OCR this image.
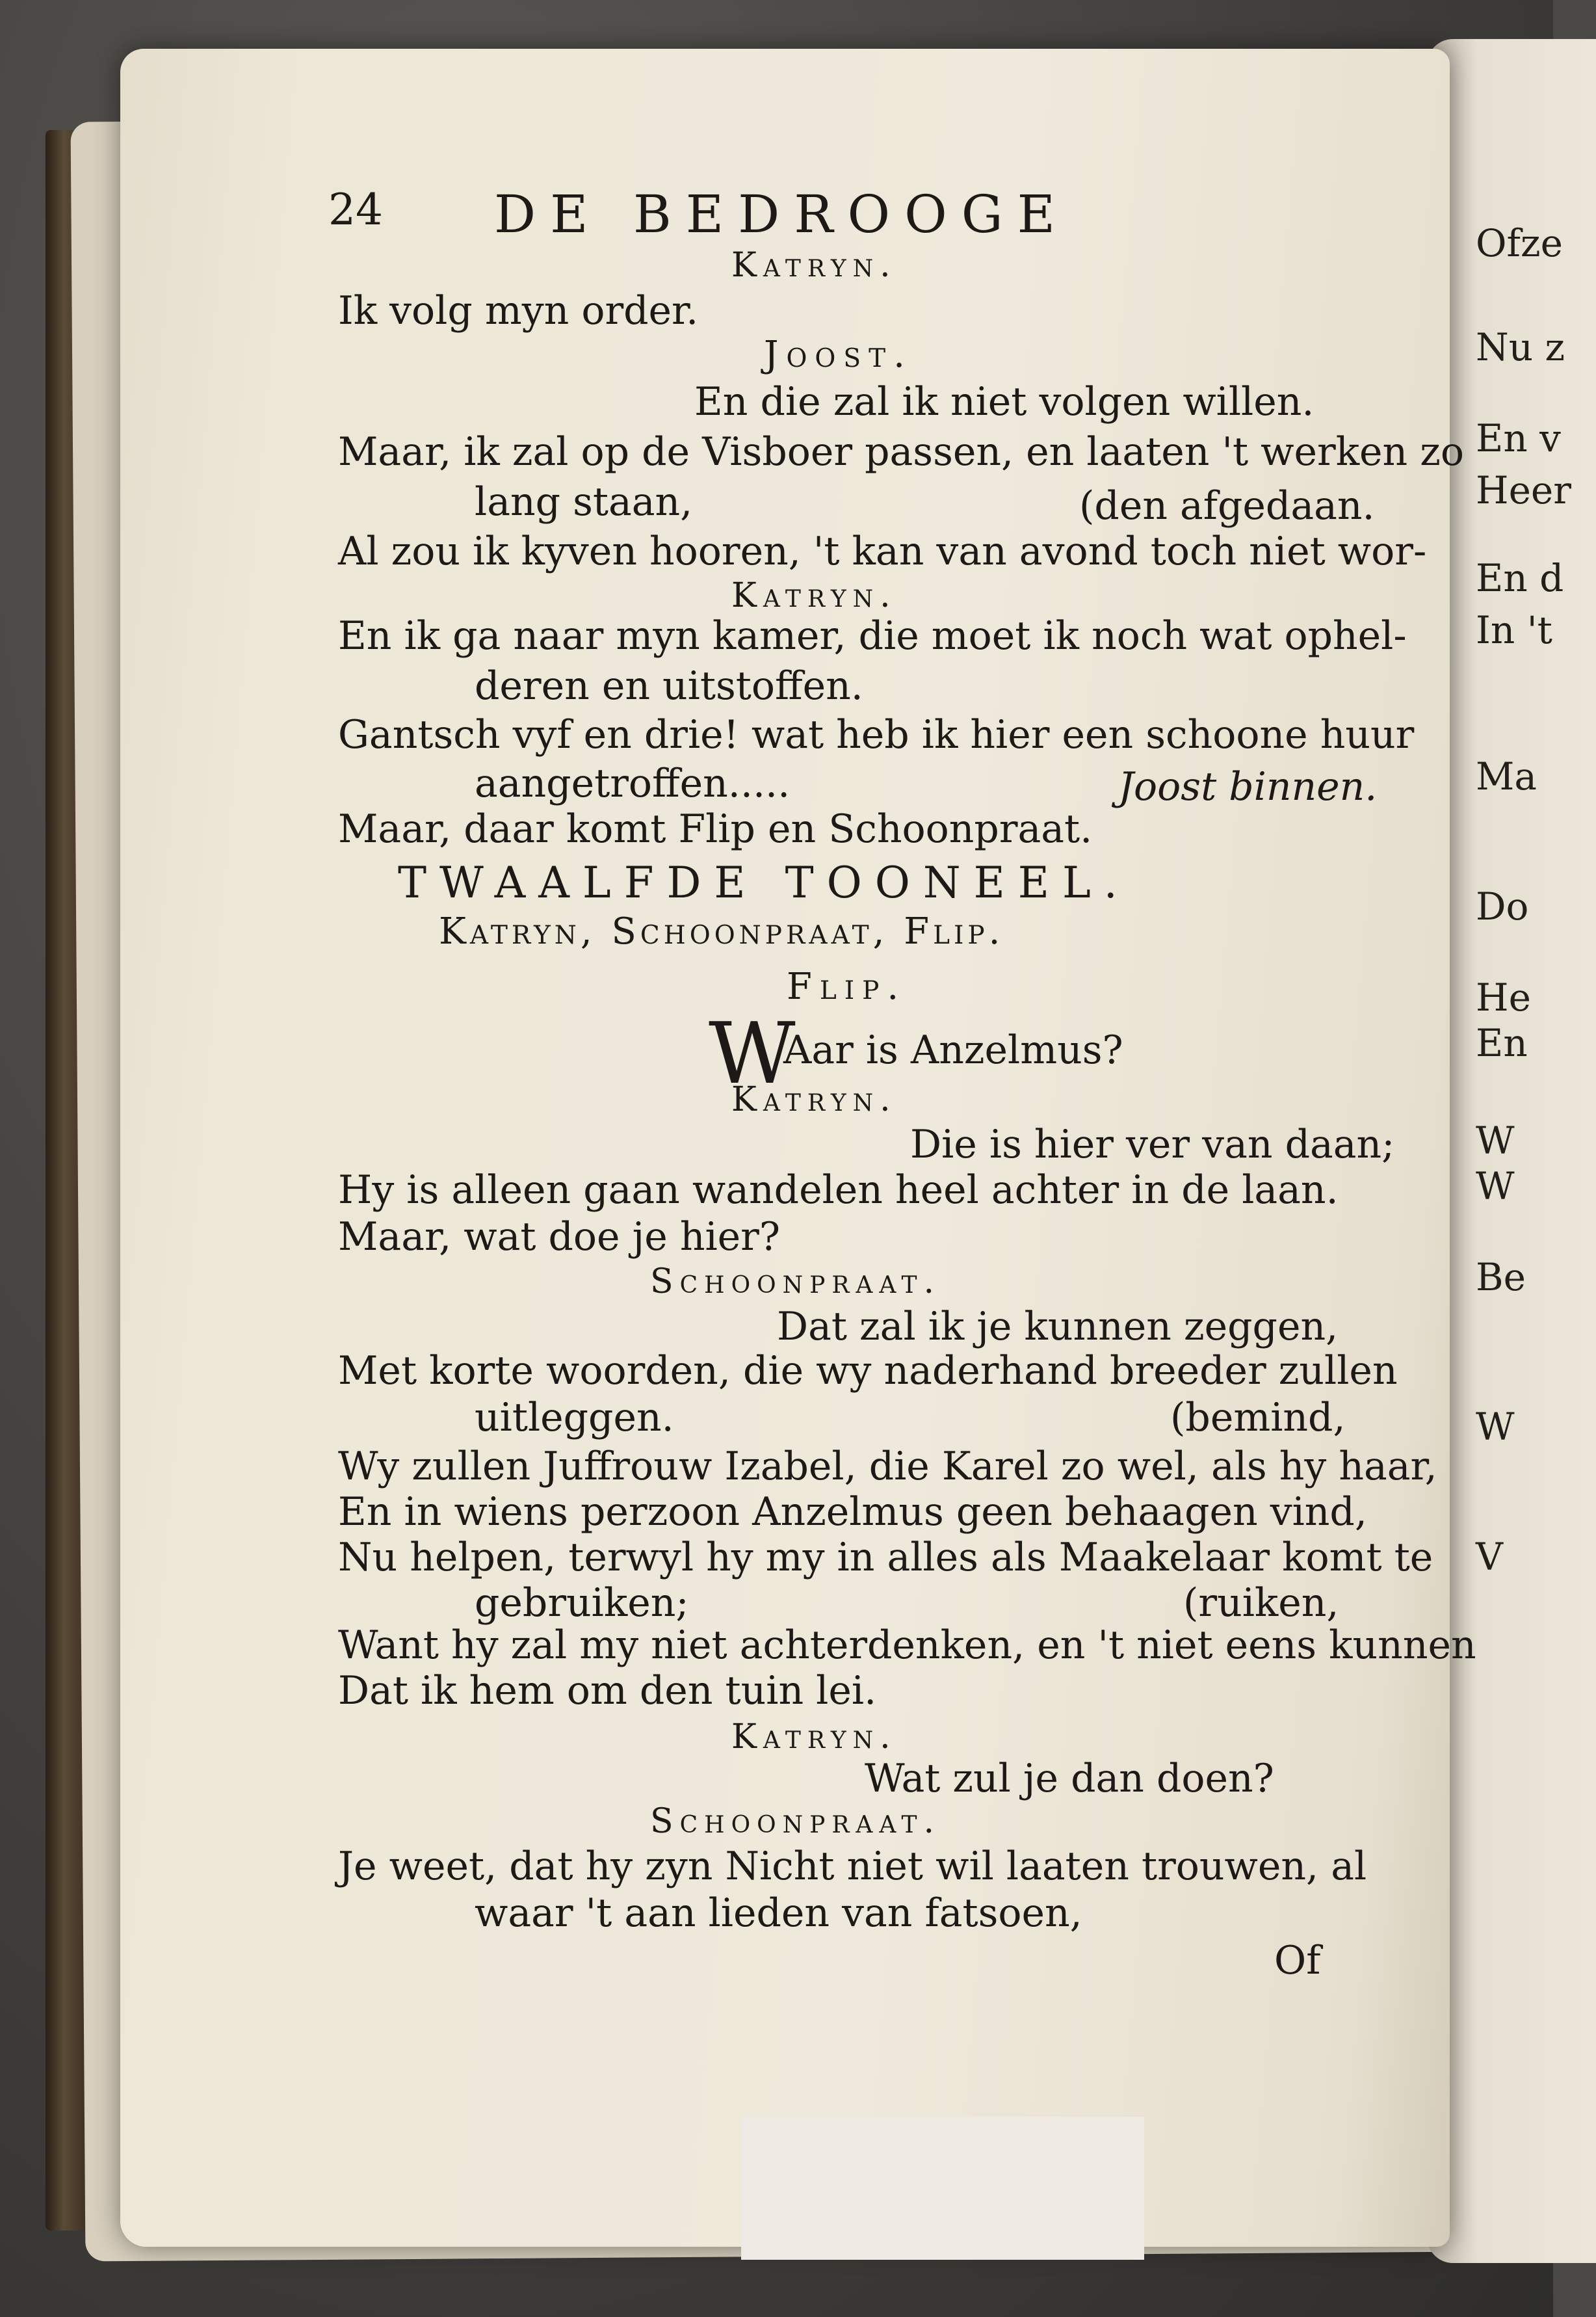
Ofze
Nu z
En v
Heer
En d
In 't
Ma
Do
He
En
W
W
Be
W
V
24 DE BEDROOGE
Katryn.
Ik volg myn order.
Joost.
En die zal ik niet volgen willen.
Maar, ik zal op de Visboer passen, en laaten 't werken zo
lang staan,	(den afgedaan.
Al zou ik kyven hooren, 't kan van avond toch niet wor-
Katryn.
En ik ga naar myn kamer, die moet ik noch wat ophel-
deren en uitstoffen.
Gantsch vyf en drie! wat heb ik hier een schoone huur
aangetroffen.....	Joost binnen.
Maar, daar komt Flip en Schoonpraat.
TWAALFDE TOONEEL.
Katryn, Schoonpraat, Flip.
Flip.
Aar is Anzelmus?
Katryn.
Die is hier ver van daan;
Hy is alleen gaan wandelen heel achter in de laan.
Maar, wat doe je hier?
Schoonpraat.
Dat zal ik je kunnen zeggen,
Met korte woorden, die wy naderhand breeder zullen
uitleggen.	(bemind,
Wy zullen Juffrouw Izabel, die Karel zo wel, als hy haar,
En in wiens perzoon Anzelmus geen behaagen vind,
Nu helpen, terwyl hy my in alles als Maakelaar komt te
gebruiken;	(ruiken,
Want hy zal my niet achterdenken, en 't niet eens kunnen
Dat ik hem om den tuin lei.
Katryn.
Wat zul je dan doen?
Schoonpraat.
Je weet, dat hy zyn Nicht niet wil laaten trouwen, al
waar 't aan lieden van fatsoen,
W
Of
